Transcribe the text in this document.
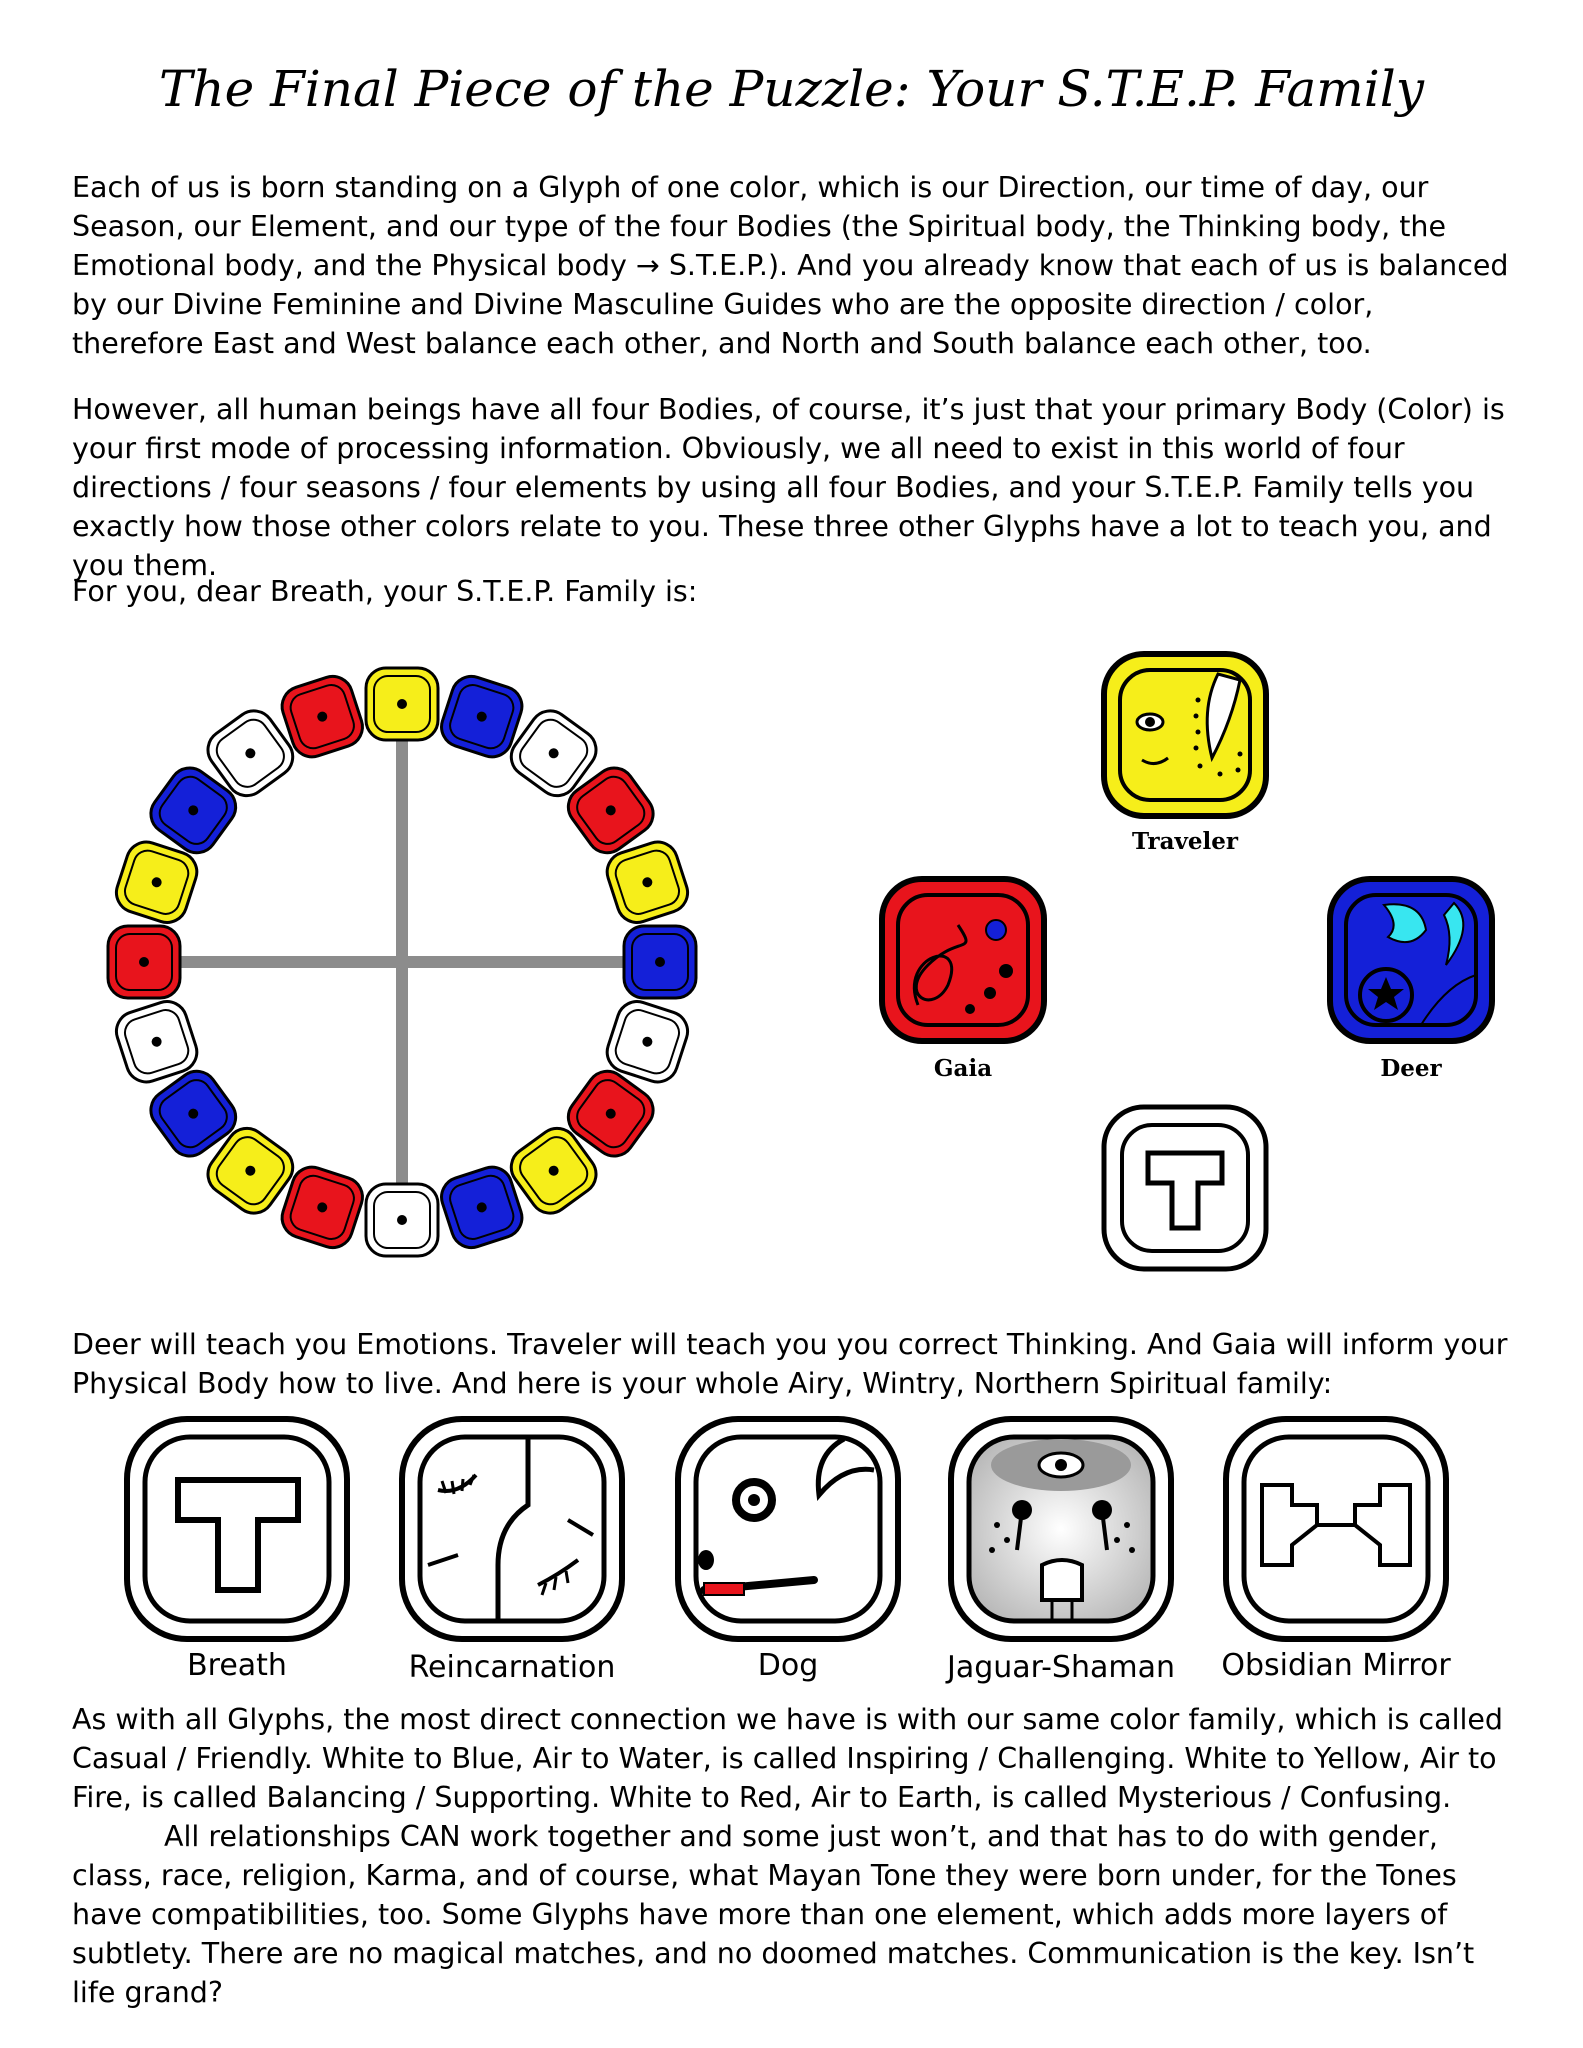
The Final Piece of the Puzzle: Your S.T.E.P. Family

Each of us is born standing on a Glyph of one color, which is our Direction, our time of day, our Season, our Element, and our type of the four Bodies (the Spiritual body, the Thinking body, the Emotional body, and the Physical body → S.T.E.P.). And you already know that each of us is balanced by our Divine Feminine and Divine Masculine Guides who are the opposite direction / color, therefore East and West balance each other, and North and South balance each other, too.

However, all human beings have all four Bodies, of course, it’s just that your primary Body (Color) is your first mode of processing information. Obviously, we all need to exist in this world of four directions / four seasons / four elements by using all four Bodies, and your S.T.E.P. Family tells you exactly how those other colors relate to you. These three other Glyphs have a lot to teach you, and you them.

For you, dear Breath, your S.T.E.P. Family is:

Traveler
Gaia	Deer

Deer will teach you Emotions. Traveler will teach you you correct Thinking. And Gaia will inform your Physical Body how to live. And here is your whole Airy, Wintry, Northern Spiritual family:

Breath	Reincarnation	Dog	Jaguar-Shaman	Obsidian Mirror

As with all Glyphs, the most direct connection we have is with our same color family, which is called Casual / Friendly. White to Blue, Air to Water, is called Inspiring / Challenging. White to Yellow, Air to Fire, is called Balancing / Supporting. White to Red, Air to Earth, is called Mysterious / Confusing.

All relationships CAN work together and some just won’t, and that has to do with gender, class, race, religion, Karma, and of course, what Mayan Tone they were born under, for the Tones have compatibilities, too. Some Glyphs have more than one element, which adds more layers of subtlety. There are no magical matches, and no doomed matches. Communication is the key. Isn’t life grand?
